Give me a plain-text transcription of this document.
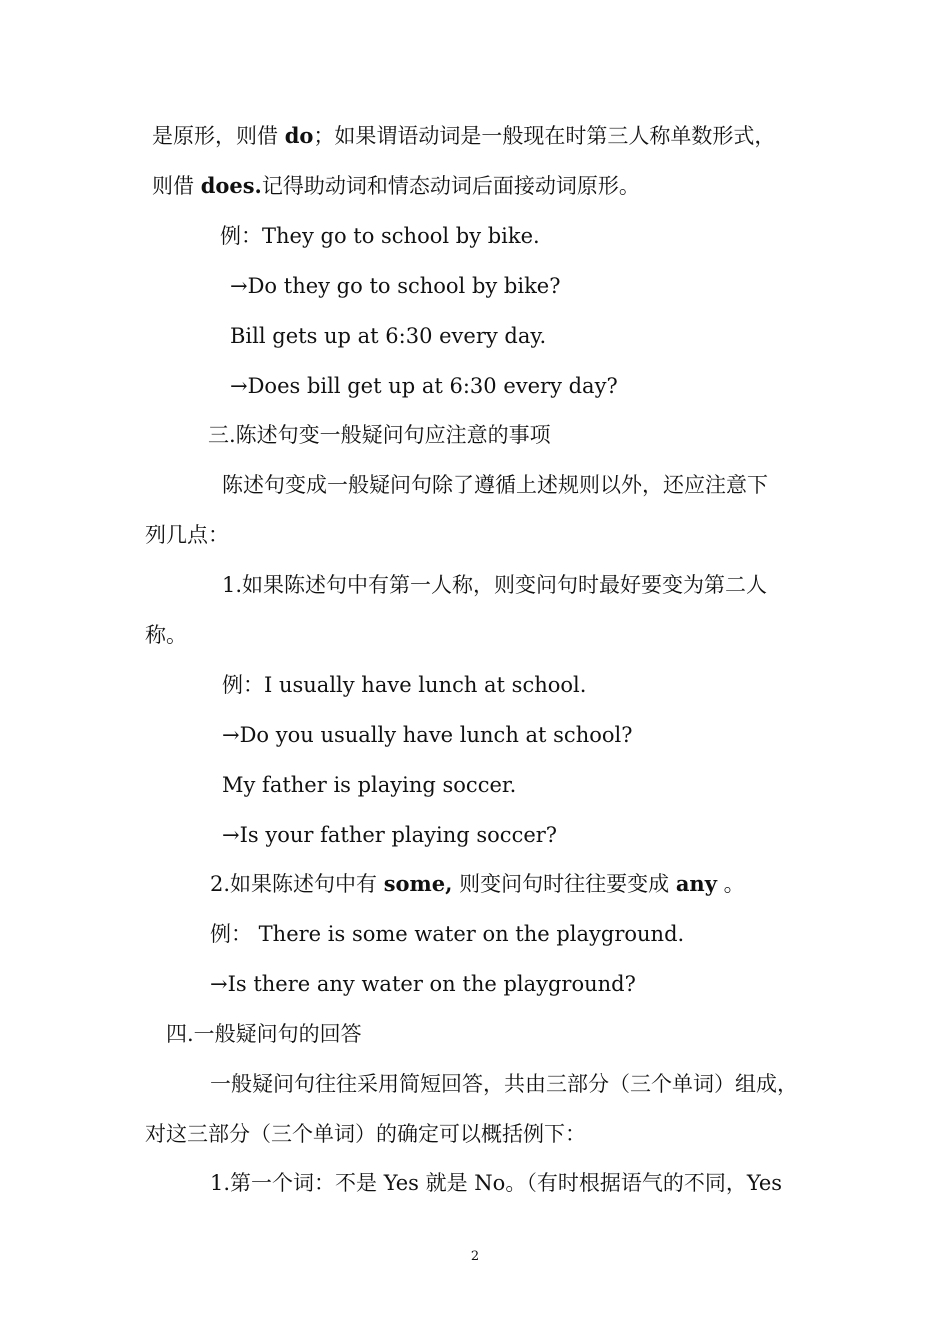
是原形，则借 do；如果谓语动词是一般现在时第三人称单数形式，

则借 does.记得助动词和情态动词后面接动词原形。

例：They go to school by bike.

→Do they go to school by bike?

Bill gets up at 6:30 every day.

→Does bill get up at 6:30 every day?

三.陈述句变一般疑问句应注意的事项

陈述句变成一般疑问句除了遵循上述规则以外，还应注意下

列几点：

1.如果陈述句中有第一人称，则变问句时最好要变为第二人

称。

例：I usually have lunch at school.

→Do you usually have lunch at school?

My father is playing soccer.

→Is your father playing soccer?

2.如果陈述句中有 some, 则变问句时往往要变成 any 。

例： There is some water on the playground.

→Is there any water on the playground?

四.一般疑问句的回答

一般疑问句往往采用简短回答，共由三部分（三个单词）组成，

对这三部分（三个单词）的确定可以概括例下：

1.第一个词：不是 Yes 就是 No。（有时根据语气的不同，Yes

2
